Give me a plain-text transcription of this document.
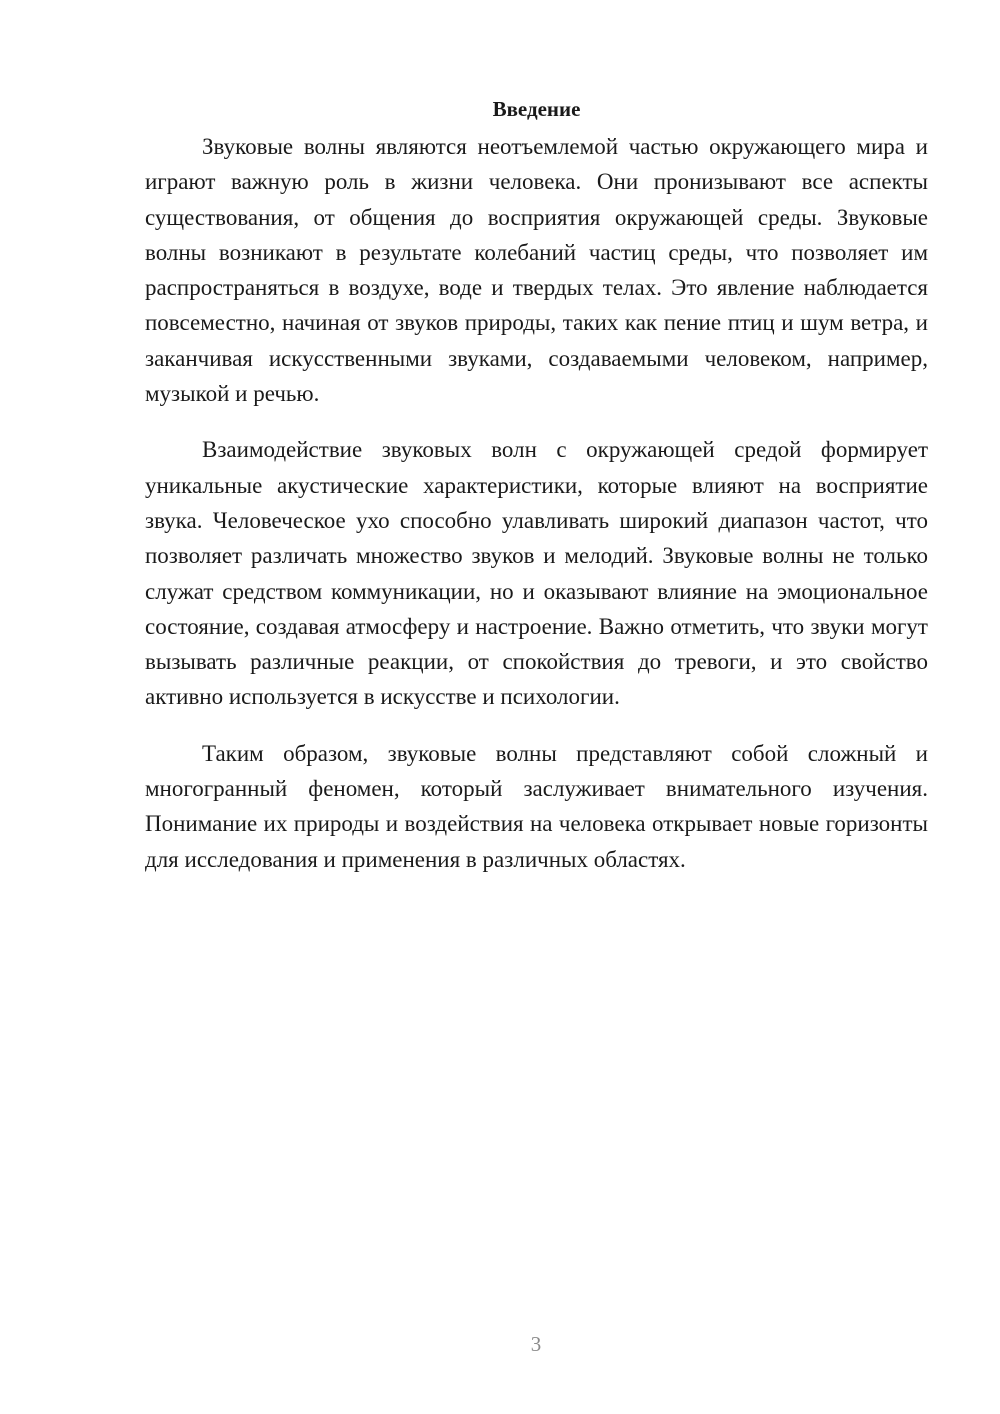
Введение

Звуковые волны являются неотъемлемой частью окружающего мира и играют важную роль в жизни человека. Они пронизывают все аспекты существования, от общения до восприятия окружающей среды. Звуковые волны возникают в результате колебаний частиц среды, что позволяет им распространяться в воздухе, воде и твердых телах. Это явление наблюдается повсеместно, начиная от звуков природы, таких как пение птиц и шум ветра, и заканчивая искусственными звуками, создаваемыми человеком, например, музыкой и речью.

Взаимодействие звуковых волн с окружающей средой формирует уникальные акустические характеристики, которые влияют на восприятие звука. Человеческое ухо способно улавливать широкий диапазон частот, что позволяет различать множество звуков и мелодий. Звуковые волны не только служат средством коммуникации, но и оказывают влияние на эмоциональное состояние, создавая атмосферу и настроение. Важно отметить, что звуки могут вызывать различные реакции, от спокойствия до тревоги, и это свойство активно используется в искусстве и психологии.

Таким образом, звуковые волны представляют собой сложный и многогранный феномен, который заслуживает внимательного изучения. Понимание их природы и воздействия на человека открывает новые горизонты для исследования и применения в различных областях.

3
